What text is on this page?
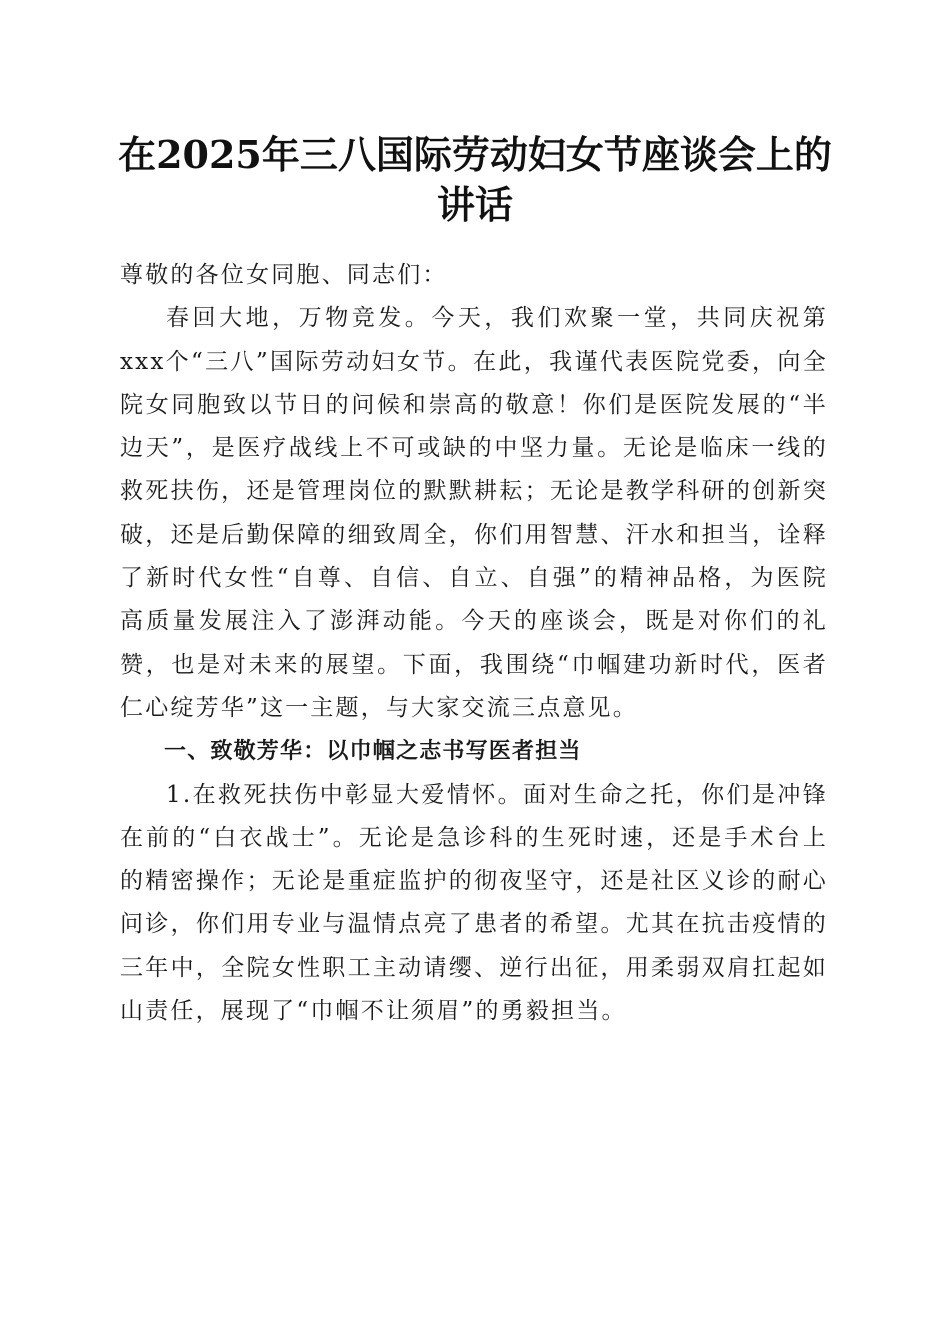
在2025年三八国际劳动妇女节座谈会上的讲话

尊敬的各位女同胞、同志们：

春回大地，万物竞发。今天，我们欢聚一堂，共同庆祝第xxx个“三八”国际劳动妇女节。在此，我谨代表医院党委，向全院女同胞致以节日的问候和崇高的敬意！你们是医院发展的“半边天”，是医疗战线上不可或缺的中坚力量。无论是临床一线的救死扶伤，还是管理岗位的默默耕耘；无论是教学科研的创新突破，还是后勤保障的细致周全，你们用智慧、汗水和担当，诠释了新时代女性“自尊、自信、自立、自强”的精神品格，为医院高质量发展注入了澎湃动能。今天的座谈会，既是对你们的礼赞，也是对未来的展望。下面，我围绕“巾帼建功新时代，医者仁心绽芳华”这一主题，与大家交流三点意见。

一、致敬芳华：以巾帼之志书写医者担当

1.在救死扶伤中彰显大爱情怀。面对生命之托，你们是冲锋在前的“白衣战士”。无论是急诊科的生死时速，还是手术台上的精密操作；无论是重症监护的彻夜坚守，还是社区义诊的耐心问诊，你们用专业与温情点亮了患者的希望。尤其在抗击疫情的三年中，全院女性职工主动请缨、逆行出征，用柔弱双肩扛起如山责任，展现了“巾帼不让须眉”的勇毅担当。
